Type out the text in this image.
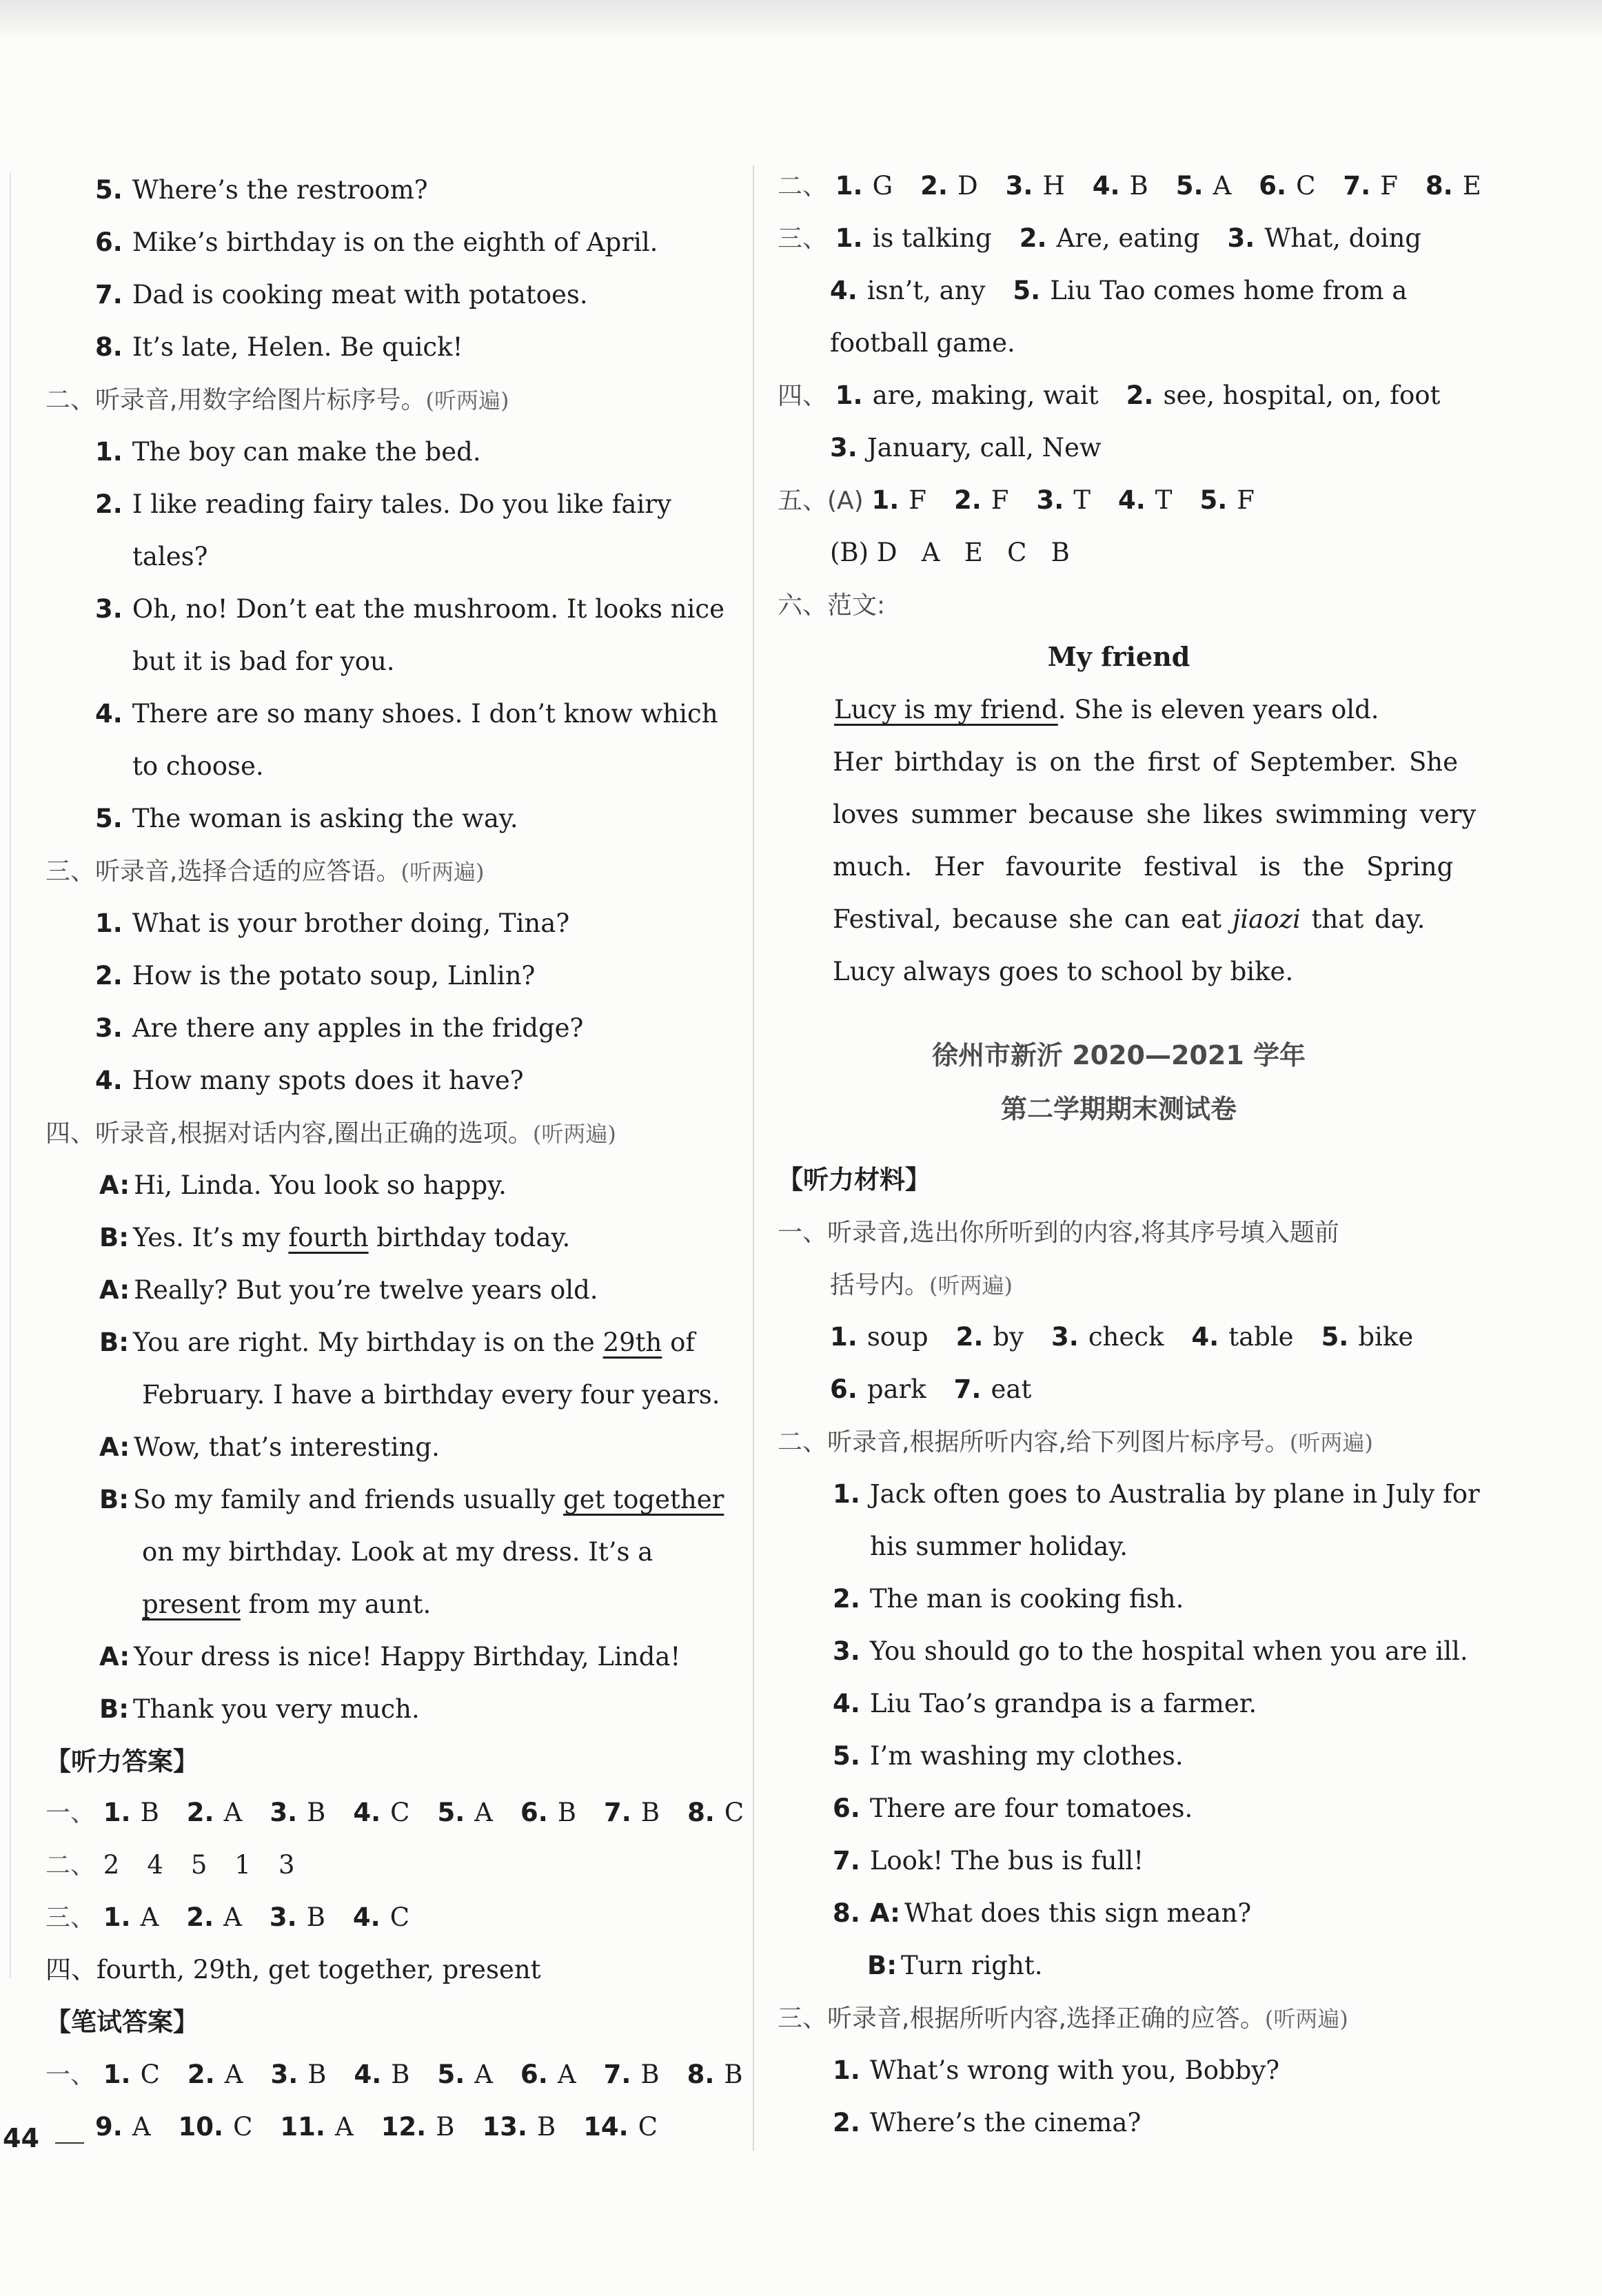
5. Where’s the restroom?
6. Mike’s birthday is on the eighth of April.
7. Dad is cooking meat with potatoes.
8. It’s late, Helen. Be quick!
二、听录音,用数字给图片标序号。(听两遍)
1. The boy can make the bed.
2. I like reading fairy tales. Do you like fairy
tales?
3. Oh, no! Don’t eat the mushroom. It looks nice
but it is bad for you.
4. There are so many shoes. I don’t know which
to choose.
5. The woman is asking the way.
三、听录音,选择合适的应答语。(听两遍)
1. What is your brother doing, Tina?
2. How is the potato soup, Linlin?
3. Are there any apples in the fridge?
4. How many spots does it have?
四、听录音,根据对话内容,圈出正确的选项。(听两遍)
A: Hi, Linda. You look so happy.
B: Yes. It’s my fourth birthday today.
A: Really? But you’re twelve years old.
B: You are right. My birthday is on the 29th of
February. I have a birthday every four years.
A: Wow, that’s interesting.
B: So my family and friends usually get together
on my birthday. Look at my dress. It’s a
present from my aunt.
A: Your dress is nice! Happy Birthday, Linda!
B: Thank you very much.
【听力答案】
一、 1. B 2. A 3. B 4. C 5. A 6. B 7. B 8. C
二、 2 4 5 1 3
三、 1. A 2. A 3. B 4. C
四、fourth, 29th, get together, present
【笔试答案】
一、 1. C 2. A 3. B 4. B 5. A 6. A 7. B 8. B
9. A 10. C 11. A 12. B 13. B 14. C
二、 1. G 2. D 3. H 4. B 5. A 6. C 7. F 8. E
三、 1. is talking 2. Are, eating 3. What, doing
4. isn’t, any 5. Liu Tao comes home from a
football game.
四、 1. are, making, wait 2. see, hospital, on, foot
3. January, call, New
五、(A) 1. F 2. F 3. T 4. T 5. F
(B) D   A   E   C   B
六、范文:
My friend
Lucy is my friend. She is eleven years old.
Her birthday is on the first of September. She
loves summer because she likes swimming very
much. Her favourite festival is the Spring
Festival, because she can eat jiaozi that day.
Lucy always goes to school by bike.
徐州市新沂 2020—2021 学年
第二学期期末测试卷
【听力材料】
一、听录音,选出你所听到的内容,将其序号填入题前
括号内。(听两遍)
1. soup 2. by 3. check 4. table 5. bike
6. park 7. eat
二、听录音,根据所听内容,给下列图片标序号。(听两遍)
1. Jack often goes to Australia by plane in July for
his summer holiday.
2. The man is cooking fish.
3. You should go to the hospital when you are ill.
4. Liu Tao’s grandpa is a farmer.
5. I’m washing my clothes.
6. There are four tomatoes.
7. Look! The bus is full!
8. A: What does this sign mean?
B: Turn right.
三、听录音,根据所听内容,选择正确的应答。(听两遍)
1. What’s wrong with you, Bobby?
2. Where’s the cinema?
44
